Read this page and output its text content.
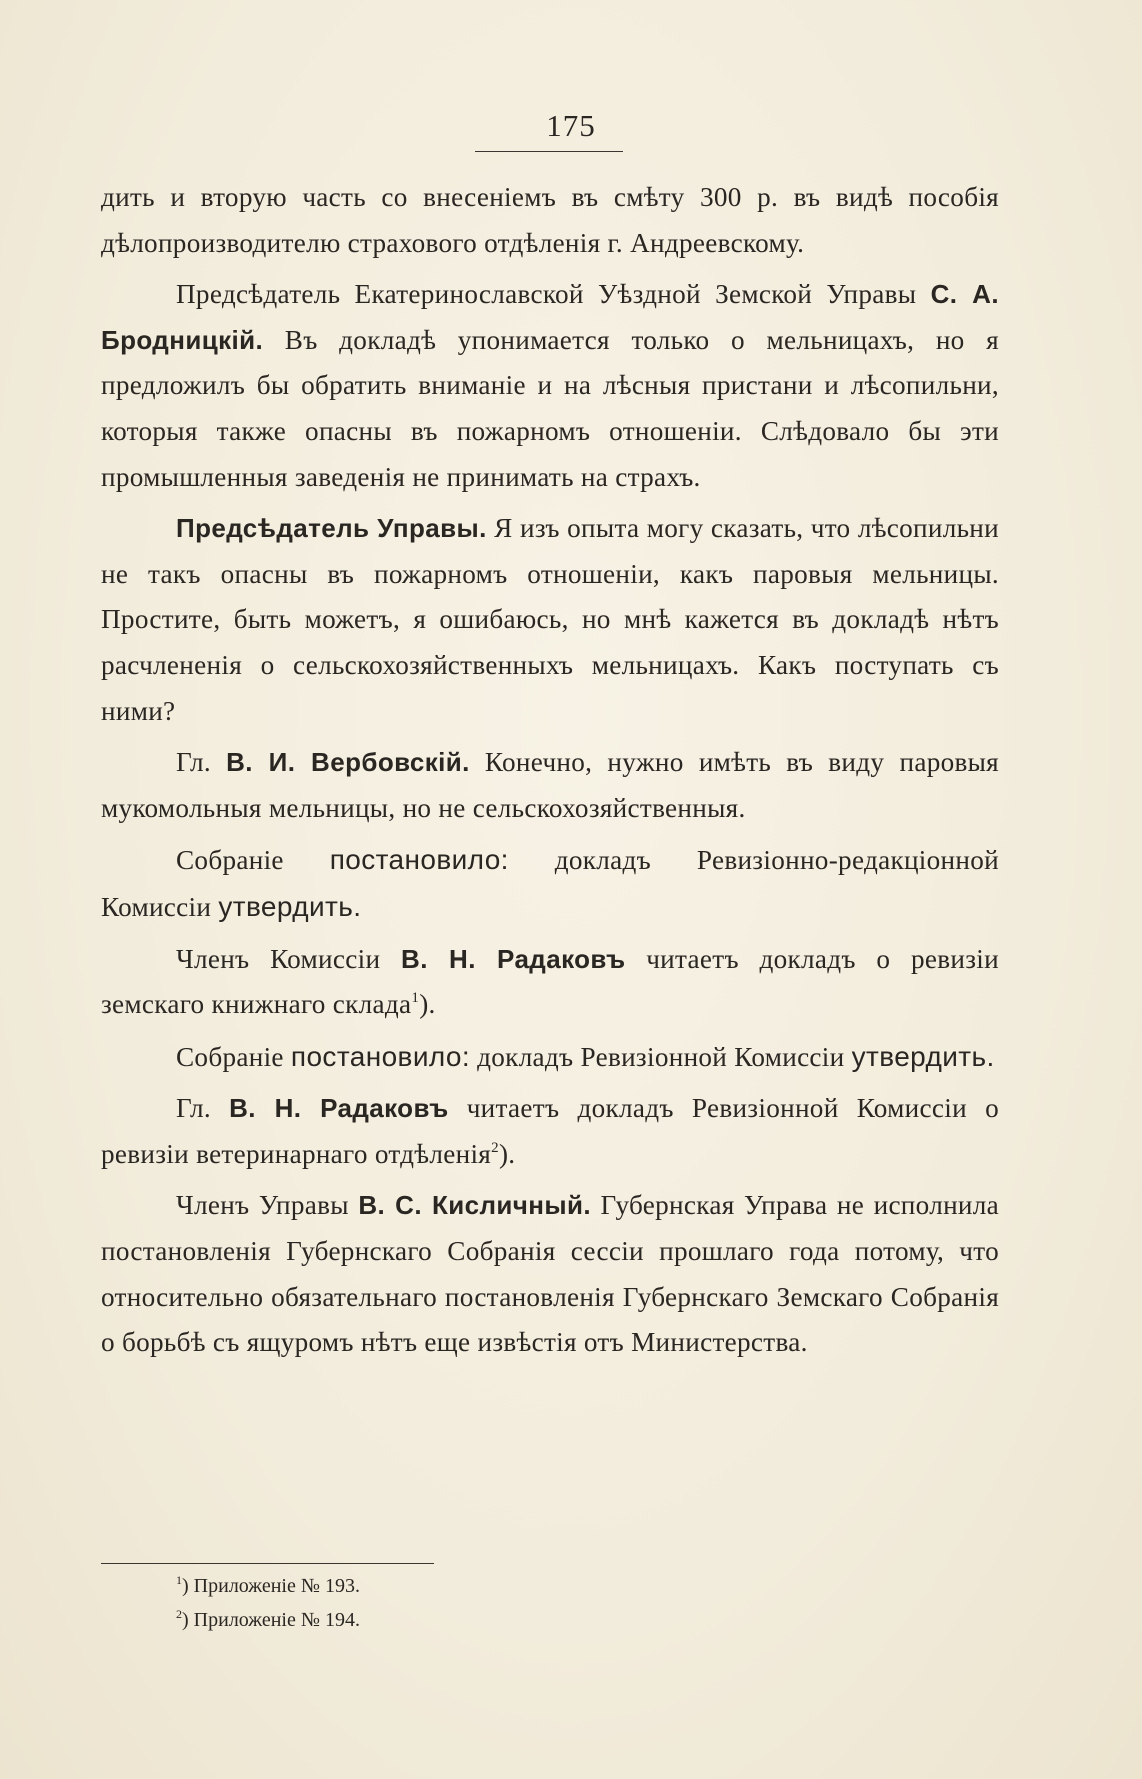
175

дить и вторую часть со внесеніемъ въ смѣту 300 р. въ видѣ пособія дѣлопроизводителю страхового отдѣленія г. Андреевскому.

Предсѣдатель Екатеринославской Уѣздной Земской Управы С. А. Бродницкій. Въ докладѣ упонимается только о мельницахъ, но я предложилъ бы обратить вниманіе и на лѣсныя пристани и лѣсопильни, которыя также опасны въ пожарномъ отношеніи. Слѣдовало бы эти промышленныя заведенія не принимать на страхъ.

Предсѣдатель Управы. Я изъ опыта могу сказать, что лѣсопильни не такъ опасны въ пожарномъ отношеніи, какъ паровыя мельницы. Простите, быть можетъ, я ошибаюсь, но мнѣ кажется въ докладѣ нѣтъ расчлененія о сельскохозяйственныхъ мельницахъ. Какъ поступать съ ними?

Гл. В. И. Вербовскій. Конечно, нужно имѣть въ виду паровыя мукомольныя мельницы, но не сельскохозяйственныя.

Собраніе постановило: докладъ Ревизіонно-редакціонной Комиссіи утвердить.

Членъ Комиссіи В. Н. Радаковъ читаетъ докладъ о ревизіи земскаго книжнаго склада$^1$).

Собраніе постановило: докладъ Ревизіонной Комиссіи утвердить.

Гл. В. Н. Радаковъ читаетъ докладъ Ревизіонной Комиссіи о ревизіи ветеринарнаго отдѣленія$^2$).

Членъ Управы В. С. Кисличный. Губернская Управа не исполнила постановленія Губернскаго Собранія сессіи прошлаго года потому, что относительно обязательнаго постановленія Губернскаго Земскаго Собранія о борьбѣ съ ящуромъ нѣтъ еще извѣстія отъ Министерства.

$^1$) Приложеніе № 193.
$^2$) Приложеніе № 194.
